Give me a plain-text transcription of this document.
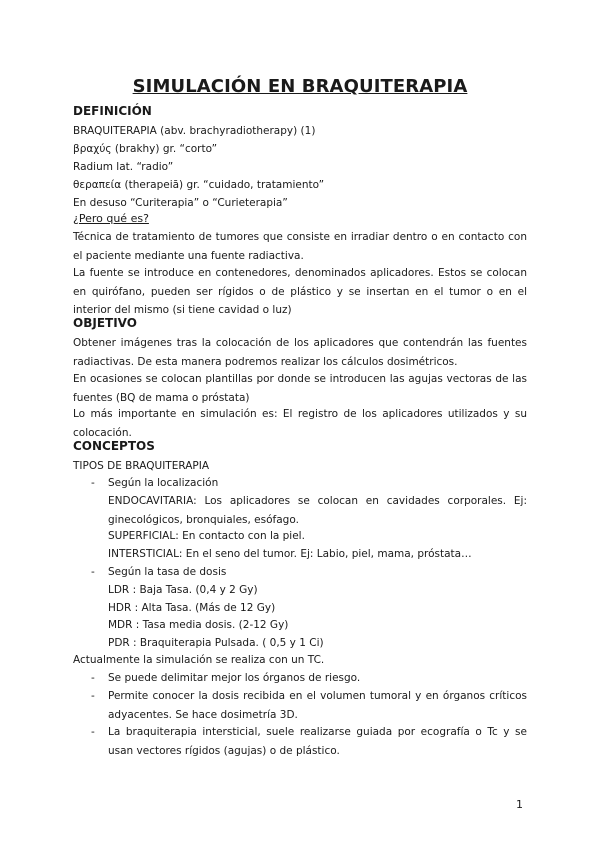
SIMULACIÓN EN BRAQUITERAPIA
DEFINICIÓN
BRAQUITERAPIA (abv. brachyradiotherapy) (1)
βραχύς (brakhy) gr. “corto”
Radium lat. “radio”
θεραπεία (therapeiā) gr. “cuidado, tratamiento”
En desuso “Curiterapia” o “Curieterapia”
¿Pero qué es?
Técnica de tratamiento de tumores que consiste en irradiar dentro o en contacto con el paciente mediante una fuente radiactiva.
La fuente se introduce en contenedores, denominados aplicadores. Estos se colocan en quirófano, pueden ser rígidos o de plástico y se insertan en el tumor o en el interior del mismo (si tiene cavidad o luz)
OBJETIVO
Obtener imágenes tras la colocación de los aplicadores que contendrán las fuentes radiactivas. De esta manera podremos realizar los cálculos dosimétricos.
En ocasiones se colocan plantillas por donde se introducen las agujas vectoras de las fuentes (BQ de mama o próstata)
Lo más importante en simulación es: El registro de los aplicadores utilizados y su colocación.
CONCEPTOS
TIPOS DE BRAQUITERAPIA
- Según la localización
ENDOCAVITARIA: Los aplicadores se colocan en cavidades corporales. Ej: ginecológicos, bronquiales, esófago.
SUPERFICIAL: En contacto con la piel.
INTERSTICIAL: En el seno del tumor. Ej: Labio, piel, mama, próstata…
- Según la tasa de dosis
LDR : Baja Tasa. (0,4 y 2 Gy)
HDR : Alta Tasa. (Más de 12 Gy)
MDR : Tasa media dosis. (2-12 Gy)
PDR : Braquiterapia Pulsada. ( 0,5 y 1 Ci)
Actualmente la simulación se realiza con un TC.
- Se puede delimitar mejor los órganos de riesgo.
- Permite conocer la dosis recibida en el volumen tumoral y en órganos críticos adyacentes. Se hace dosimetría 3D.
- La braquiterapia intersticial, suele realizarse guiada por ecografía o Tc y se usan vectores rígidos (agujas) o de plástico.
1
